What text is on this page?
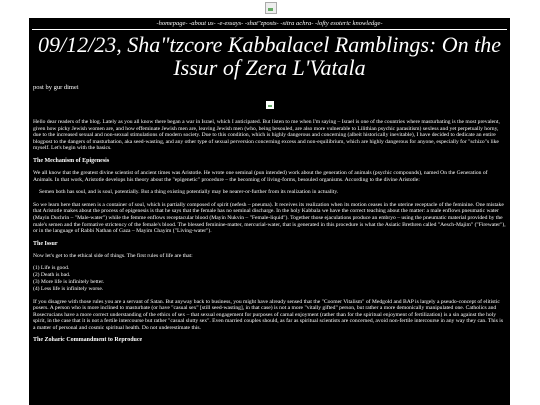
-homepage- -about us- -e-essays- -shat"zposts- -sitra achra- -lofty esoteric knowledge-
09/12/23, Sha"tzcore Kabbalacel Ramblings: On the Issur of Zera L'Vatala
post by gur dimei

Hello dear readers of the blog. Lately as you all know there began a war in Israel, which I anticipated. But listen to me when I'm saying – Israel is one of the countries where masturbating is the most prevalent, given how picky Jewish women are, and how effeminate Jewish men are, leaving Jewish men (who, being besouled, are also more vulnerable to Lilithian psychic parasitism) sexless and yet perpetually horny, due to the increased sexual and non-sexual stimulations of modern society. Due to this condition, which is highly dangerous and concerning (albeit historically inevitable), I have decided to dedicate an entire blogpost to the dangers of masturbation, aka seed-wasting, and any other type of sexual perversion concerning excess and non-equilibrium, which are highly dangerous for anyone, especially for "schizo"s like myself. Let's begin with the basics.

The Mechanism of Epigenesis

We all know that the greatest divine scientist of ancient times was Aristotle. He wrote one seminal (pun intended) work about the generation of animals (psychic compounds), named On the Generation of Animals. In that work, Aristotle develops his theory about the "epigenetic" procedure – the becoming of living-forms, besouled organisms. According to the divine Aristotle:

Semen both has soul, and is soul, potentially. But a thing existing potentially may be nearer-or-further from its realization in actuality.

So we learn here that semen is a container of soul, which is partially composed of spirit (nefesh – pneuma). It receives its realization when its motion ceases in the uterine receptacle of the feminine. One mistake that Aristotle makes about the process of epigenesis is that he says that the female has no seminal discharge. In the holy Kabbala we have the correct teaching about the matter: a male enflows pneumatic water (Mayin Duchrin – "Male-water") while the femme enflows receptacular blood (Mayin Nukvin – "Female-liquid"). Together those ejaculations produce an embryo – using the pneumatic material provided by the male's semen and the formative strictency of the female's blood. The blessed feminine-matter, mercurial-water, that is generated in this procedure is what the Asiatic Brethren called "Aesch-Majim" ("Firewater"), or in the language of Rabbi Nathan of Gaza – Mayim Chayim ("Living-water").

The Issur

Now let's get to the ethical side of things. The first rules of life are that:

(1) Life is good.
(2) Death is bad.
(3) More life is infinitely better.
(4) Less life is infinitely worse.

If you disagree with those rules you are a servant of Satan. But anyway back to business, you might have already sensed that the "Coomer Vitalism" of Medgold and BAP is largely a pseudo-concept of elitistic posers. A person who is more inclined to masturbate (or have "casual sex" [still seed-wasting], in that case) is not a more "vitally gifted" person, but rather a more demonically manipulated one. Catholics and Rosecrucians have a more correct understanding of the ethics of sex – that sexual engagement for purposes of carnal enjoyment (rather than for the spiritual enjoyment of fertilization) is a sin against the holy spirit, in the case that it is not a fertile intercourse but rather "casual slutty sex". Even married couples should, as far as spiritual scientists are concerned, avoid non-fertile intercourse in any way they can. This is a matter of personal and cosmic spiritual health. Do not underestimate this.

The Zoharic Commandment to Reproduce
